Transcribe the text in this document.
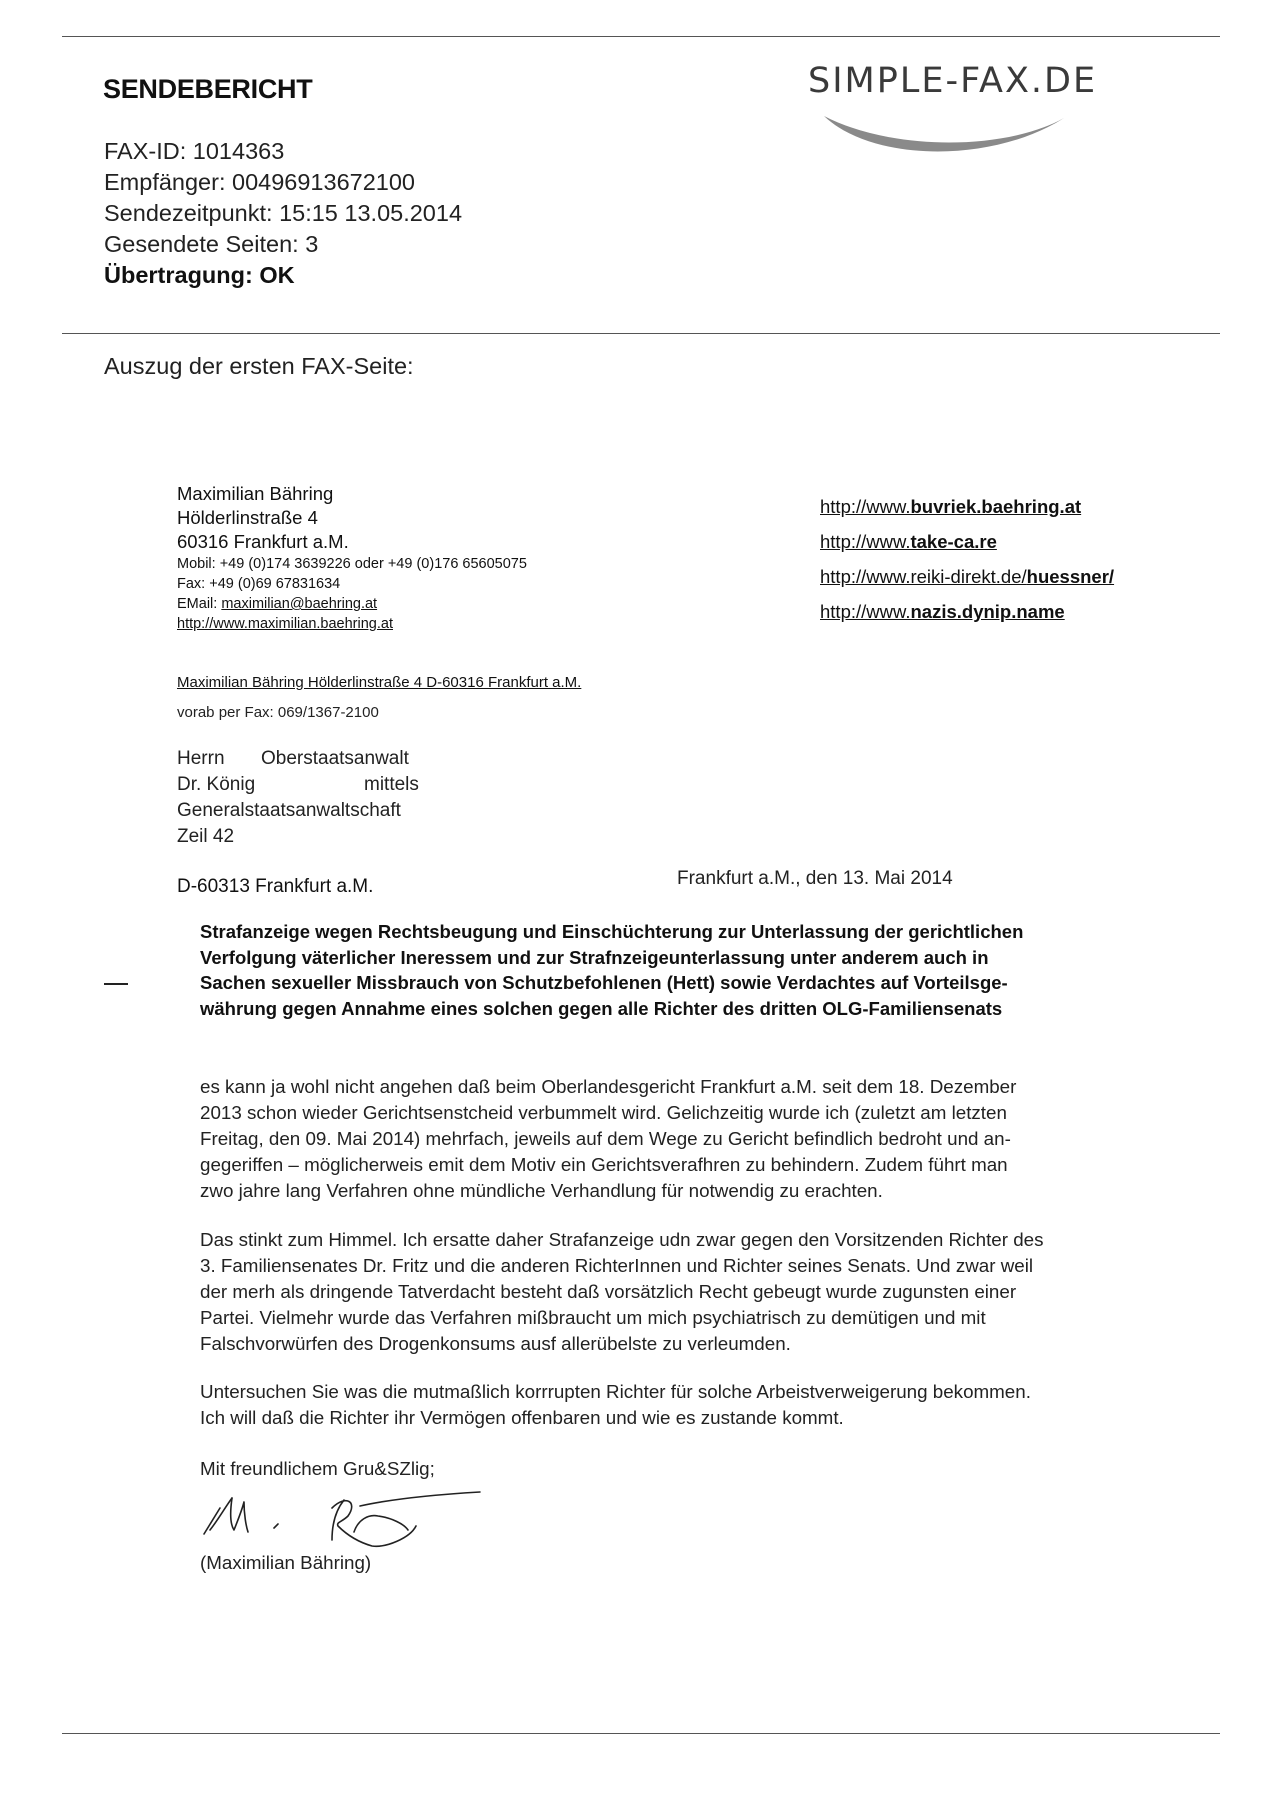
SENDEBERICHT	SIMPLE-FAX.DE
FAX-ID: 1014363
Empfänger: 00496913672100
Sendezeitpunkt: 15:15 13.05.2014
Gesendete Seiten: 3
Übertragung: OK
Auszug der ersten FAX-Seite:
Maximilian Bähring
Hölderlinstraße 4
60316 Frankfurt a.M.
Mobil: +49 (0)174 3639226 oder +49 (0)176 65605075
Fax: +49 (0)69 67831634
EMail: maximilian@baehring.at
http://www.maximilian.baehring.at
http://www.buvriek.baehring.at
http://www.take-ca.re
http://www.reiki-direkt.de/huessner/
http://www.nazis.dynip.name
Maximilian Bähring Hölderlinstraße 4 D-60316 Frankfurt a.M.
vorab per Fax: 069/1367-2100
Herrn Oberstaatsanwalt
Dr. König	mittels
Generalstaatsanwaltschaft
Zeil 42
D-60313 Frankfurt a.M.	Frankfurt a.M., den 13. Mai 2014
Strafanzeige wegen Rechtsbeugung und Einschüchterung zur Unterlassung der gerichtlichen
Verfolgung väterlicher Ineressem und zur Strafnzeigeunterlassung unter anderem auch in
Sachen sexueller Missbrauch von Schutzbefohlenen (Hett) sowie Verdachtes auf Vorteilsge-
währung gegen Annahme eines solchen gegen alle Richter des dritten OLG-Familiensenats
es kann ja wohl nicht angehen daß beim Oberlandesgericht Frankfurt a.M. seit dem 18. Dezember
2013 schon wieder Gerichtsenstcheid verbummelt wird. Gelichzeitig wurde ich (zuletzt am letzten
Freitag, den 09. Mai 2014) mehrfach, jeweils auf dem Wege zu Gericht befindlich bedroht und an-
gegeriffen – möglicherweis emit dem Motiv ein Gerichtsverafhren zu behindern. Zudem führt man
zwo jahre lang Verfahren ohne mündliche Verhandlung für notwendig zu erachten.
Das stinkt zum Himmel. Ich ersatte daher Strafanzeige udn zwar gegen den Vorsitzenden Richter des
3. Familiensenates Dr. Fritz und die anderen RichterInnen und Richter seines Senats. Und zwar weil
der merh als dringende Tatverdacht besteht daß vorsätzlich Recht gebeugt wurde zugunsten einer
Partei. Vielmehr wurde das Verfahren mißbraucht um mich psychiatrisch zu demütigen und mit
Falschvorwürfen des Drogenkonsums ausf allerübelste zu verleumden.
Untersuchen Sie was die mutmaßlich korrrupten Richter für solche Arbeistverweigerung bekommen.
Ich will daß die Richter ihr Vermögen offenbaren und wie es zustande kommt.
Mit freundlichem Gru&SZlig;
(Maximilian Bähring)
